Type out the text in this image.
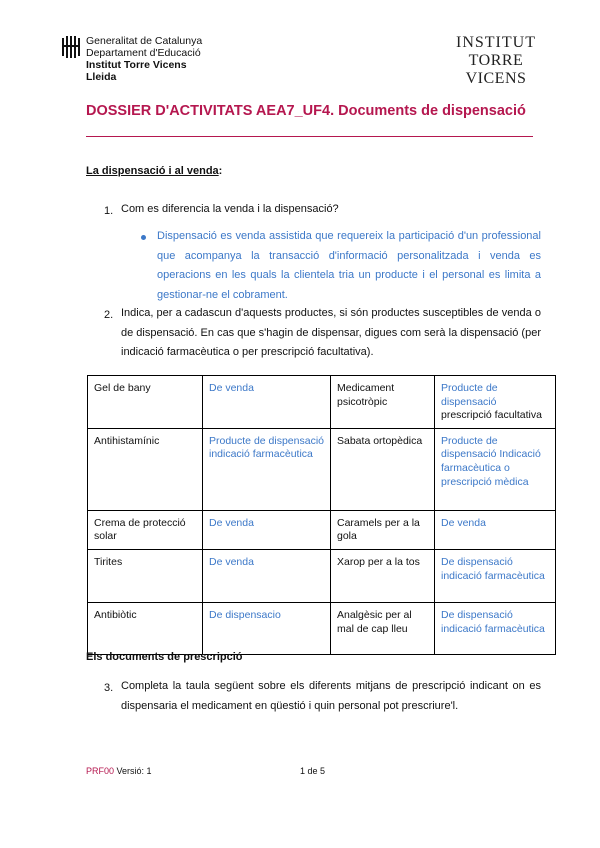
Generalitat de Catalunya
Departament d'Educació
Institut Torre Vicens
Lleida
INSTITUT
TORRE VICENS
DOSSIER D'ACTIVITATS AEA7_UF4. Documents de dispensació
La dispensació i al venda:
1. Com es diferencia la venda i la dispensació?
Dispensació es venda assistida que requereix la participació d'un professional que acompanya la transacció d'informació personalitzada i venda es operacions en les quals la clientela tria un producte i el personal es limita a gestionar-ne el cobrament.
2. Indica, per a cadascun d'aquests productes, si són productes susceptibles de venda o de dispensació. En cas que s'hagin de dispensar, digues com serà la dispensació (per indicació farmacèutica o per prescripció facultativa).
Gel de bany	De venda	Medicament psicotròpic	Producte de dispensació
prescripció facultativa
Antihistamínic	Producte de dispensació indicació farmacèutica	Sabata ortopèdica	Producte de dispensació Indicació farmacèutica o prescripció mèdica
Crema de protecció solar	De venda	Caramels per a la gola	De venda
Tirites	De venda	Xarop per a la tos	De dispensació indicació farmacèutica
Antibiòtic	De dispensacio	Analgèsic per al mal de cap lleu	De dispensació indicació farmacèutica
Els documents de prescripció
3. Completa la taula següent sobre els diferents mitjans de prescripció indicant on es dispensaria el medicament en qüestió i quin personal pot prescriure'l.
PRF00 Versió: 1	1 de 5
